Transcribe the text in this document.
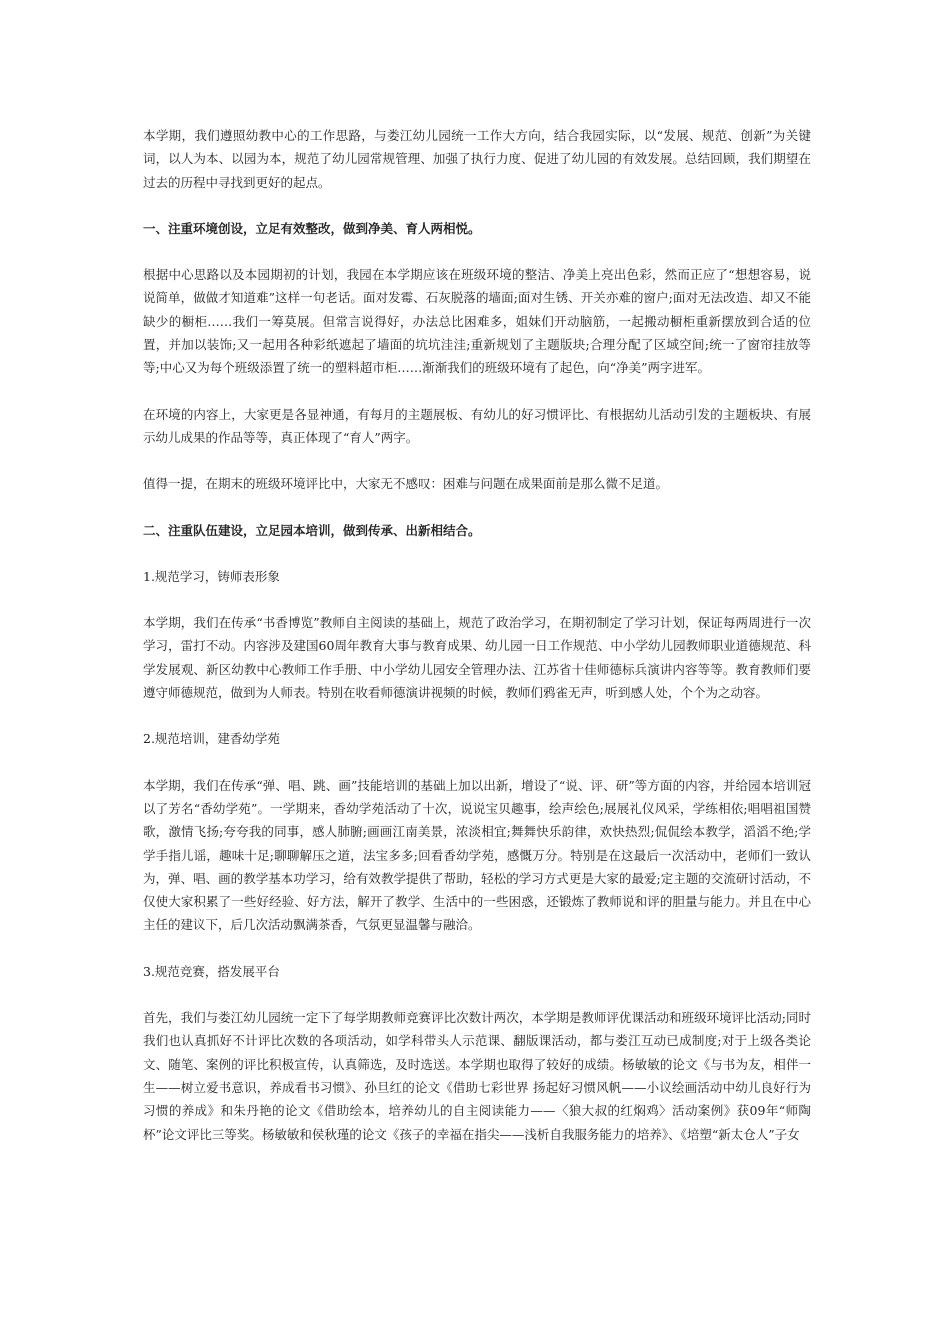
本学期，我们遵照幼教中心的工作思路，与娄江幼儿园统一工作大方向，结合我园实际，以“发展、规范、创新”为关键词，以人为本、以园为本，规范了幼儿园常规管理、加强了执行力度、促进了幼儿园的有效发展。总结回顾，我们期望在过去的历程中寻找到更好的起点。

一、注重环境创设，立足有效整改，做到净美、育人两相悦。

根据中心思路以及本园期初的计划，我园在本学期应该在班级环境的整洁、净美上亮出色彩，然而正应了“想想容易，说说简单，做做才知道难”这样一句老话。面对发霉、石灰脱落的墙面;面对生锈、开关亦难的窗户;面对无法改造、却又不能缺少的橱柜……我们一筹莫展。但常言说得好，办法总比困难多，姐妹们开动脑筋，一起搬动橱柜重新摆放到合适的位置，并加以装饰;又一起用各种彩纸遮起了墙面的坑坑洼洼;重新规划了主题版块;合理分配了区域空间;统一了窗帘挂放等等;中心又为每个班级添置了统一的塑料超市柜……渐渐我们的班级环境有了起色，向“净美”两字进军。

在环境的内容上，大家更是各显神通，有每月的主题展板、有幼儿的好习惯评比、有根据幼儿活动引发的主题板块、有展示幼儿成果的作品等等，真正体现了“育人”两字。

值得一提，在期末的班级环境评比中，大家无不感叹：困难与问题在成果面前是那么微不足道。

二、注重队伍建设，立足园本培训，做到传承、出新相结合。

1.规范学习，铸师表形象

本学期，我们在传承“书香博览”教师自主阅读的基础上，规范了政治学习，在期初制定了学习计划，保证每两周进行一次学习，雷打不动。内容涉及建国60周年教育大事与教育成果、幼儿园一日工作规范、中小学幼儿园教师职业道德规范、科学发展观、新区幼教中心教师工作手册、中小学幼儿园安全管理办法、江苏省十佳师德标兵演讲内容等等。教育教师们要遵守师德规范，做到为人师表。特别在收看师德演讲视频的时候，教师们鸦雀无声，听到感人处，个个为之动容。

2.规范培训，建香幼学苑

本学期，我们在传承“弹、唱、跳、画”技能培训的基础上加以出新，增设了“说、评、研”等方面的内容，并给园本培训冠以了芳名“香幼学苑”。一学期来，香幼学苑活动了十次，说说宝贝趣事，绘声绘色;展展礼仪风采，学练相依;唱唱祖国赞歌，激情飞扬;夸夸我的同事，感人肺腑;画画江南美景，浓淡相宜;舞舞快乐韵律，欢快热烈;侃侃绘本教学，滔滔不绝;学学手指儿谣，趣味十足;聊聊解压之道，法宝多多;回看香幼学苑，感慨万分。特别是在这最后一次活动中，老师们一致认为，弹、唱、画的教学基本功学习，给有效教学提供了帮助，轻松的学习方式更是大家的最爱;定主题的交流研讨活动，不仅使大家积累了一些好经验、好方法，解开了教学、生活中的一些困惑，还锻炼了教师说和评的胆量与能力。并且在中心主任的建议下，后几次活动飘满茶香，气氛更显温馨与融洽。

3.规范竞赛，搭发展平台

首先，我们与娄江幼儿园统一定下了每学期教师竞赛评比次数计两次，本学期是教师评优课活动和班级环境评比活动;同时我们也认真抓好不计评比次数的各项活动，如学科带头人示范课、翻版课活动，都与娄江互动已成制度;对于上级各类论文、随笔、案例的评比积极宣传，认真筛选，及时选送。本学期也取得了较好的成绩。杨敏敏的论文《与书为友，相伴一生——树立爱书意识，养成看书习惯》、孙旦红的论文《借助七彩世界 扬起好习惯风帆——小议绘画活动中幼儿良好行为习惯的养成》和朱丹艳的论文《借助绘本，培养幼儿的自主阅读能力——〈狼大叔的红焖鸡〉活动案例》获09年“师陶杯”论文评比三等奖。杨敏敏和侯秋瑾的论文《孩子的幸福在指尖——浅析自我服务能力的培养》、《培塑“新太仓人”子女
